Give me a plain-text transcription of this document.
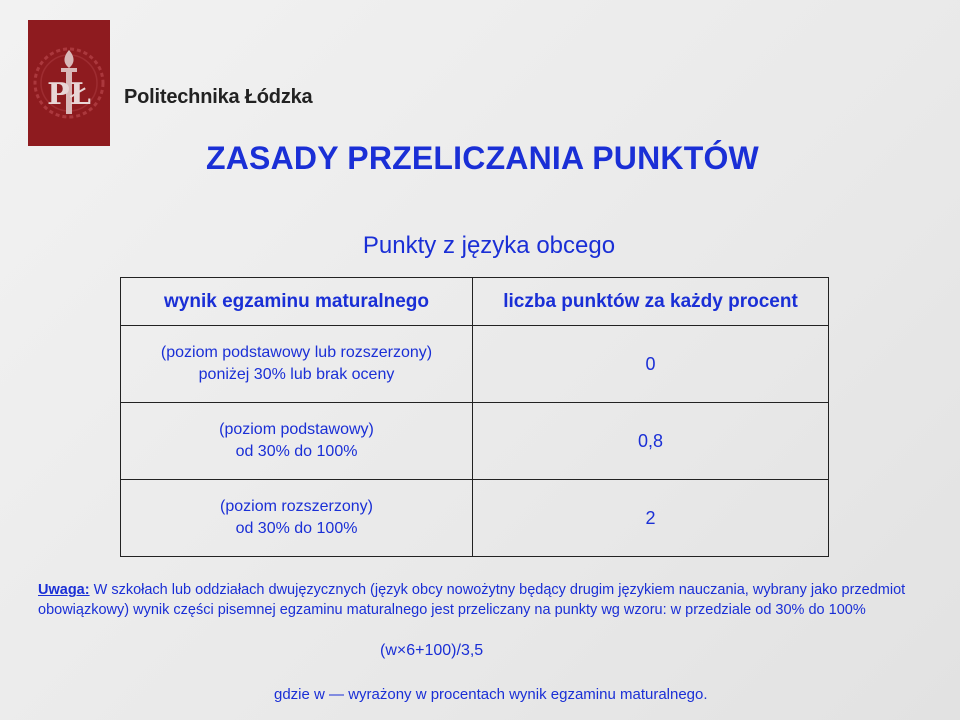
PŁ Politechnika Łódzka
ZASADY PRZELICZANIA PUNKTÓW
Punkty z języka obcego
wynik egzaminu maturalnego	liczba punktów za każdy procent
(poziom podstawowy lub rozszerzony)
poniżej 30% lub brak oceny	0
(poziom podstawowy)
od 30% do 100%	0,8
(poziom rozszerzony)
od 30% do 100%	2
Uwaga: W szkołach lub oddziałach dwujęzycznych (język obcy nowożytny będący drugim językiem nauczania, wybrany jako przedmiot obowiązkowy) wynik części pisemnej egzaminu maturalnego jest przeliczany na punkty wg wzoru: w przedziale od 30% do 100%
(w×6+100)/3,5
gdzie w — wyrażony w procentach wynik egzaminu maturalnego.
